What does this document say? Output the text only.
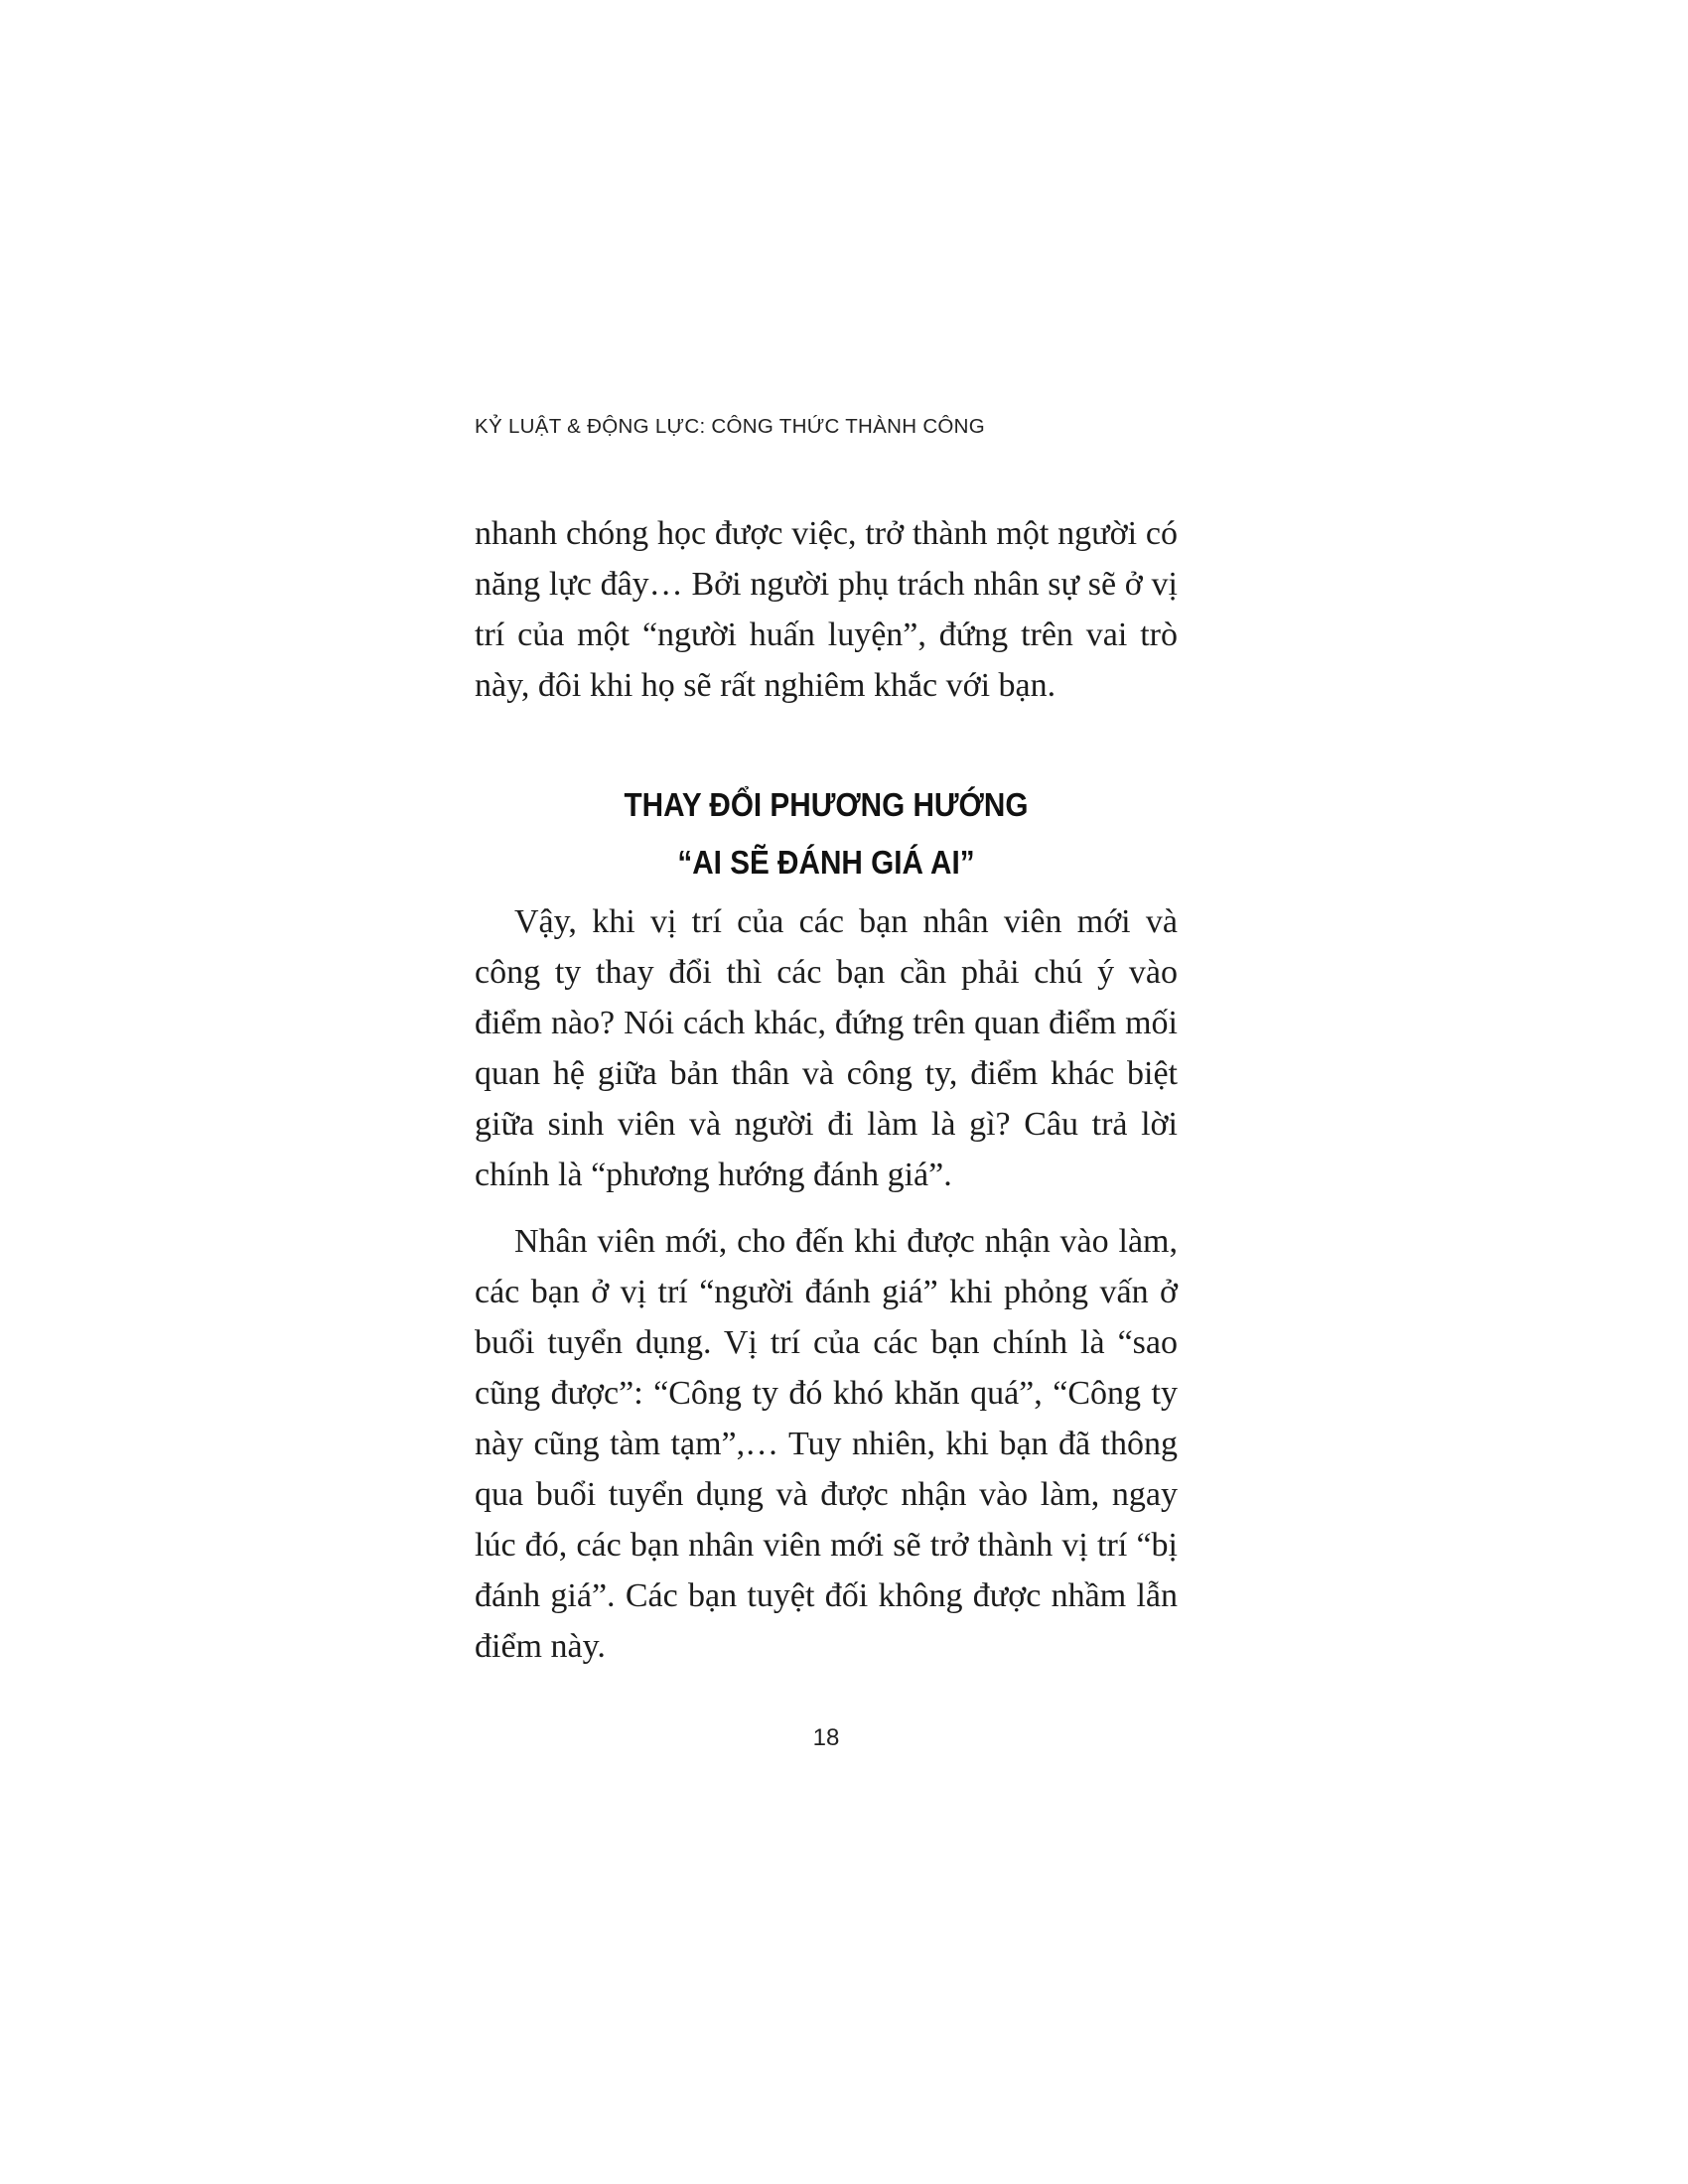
KỶ LUẬT & ĐỘNG LỰC: CÔNG THỨC THÀNH CÔNG

nhanh chóng học được việc, trở thành một người có năng lực đây… Bởi người phụ trách nhân sự sẽ ở vị trí của một “người huấn luyện”, đứng trên vai trò này, đôi khi họ sẽ rất nghiêm khắc với bạn.

THAY ĐỔI PHƯƠNG HƯỚNG
“AI SẼ ĐÁNH GIÁ AI”

Vậy, khi vị trí của các bạn nhân viên mới và công ty thay đổi thì các bạn cần phải chú ý vào điểm nào? Nói cách khác, đứng trên quan điểm mối quan hệ giữa bản thân và công ty, điểm khác biệt giữa sinh viên và người đi làm là gì? Câu trả lời chính là “phương hướng đánh giá”.

Nhân viên mới, cho đến khi được nhận vào làm, các bạn ở vị trí “người đánh giá” khi phỏng vấn ở buổi tuyển dụng. Vị trí của các bạn chính là “sao cũng được”: “Công ty đó khó khăn quá”, “Công ty này cũng tàm tạm”,… Tuy nhiên, khi bạn đã thông qua buổi tuyển dụng và được nhận vào làm, ngay lúc đó, các bạn nhân viên mới sẽ trở thành vị trí “bị đánh giá”. Các bạn tuyệt đối không được nhầm lẫn điểm này.

18
